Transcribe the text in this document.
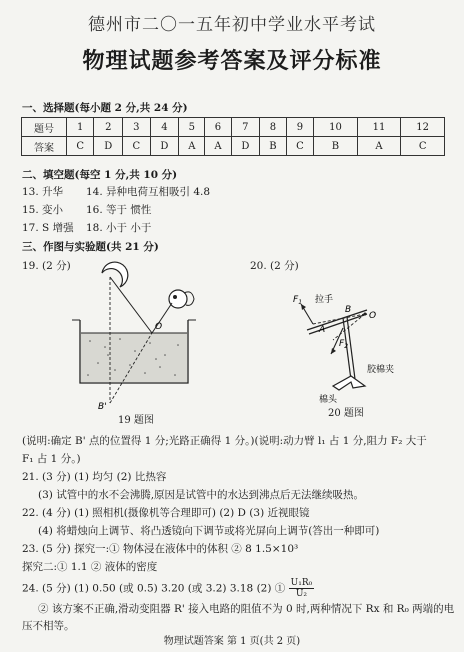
德州市二〇一五年初中学业水平考试
物理试题参考答案及评分标准
一、选择题(每小题 2 分,共 24 分)
题号	1	2	3	4	5	6	7	8	9	10	11	12
答案	C	D	C	D	A	A	D	B	C	B	A	C
二、填空题(每空 1 分,共 10 分)
13. 升华 14. 异种电荷互相吸引 4.8
15. 变小 16. 等于 惯性
17. S 增强 18. 小于 小于
三、作图与实验题(共 21 分)
19. (2 分)	20. (2 分)
O
B'
19 题图
$F_1$ 拉手
A
B
O
$F_2$
胶棉夹
棉头
20 题图
(说明:确定 B' 点的位置得 1 分;光路正确得 1 分。)(说明:动力臂 l₁ 占 1 分,阻力 F₂ 大于
F₁ 占 1 分。)
21. (3 分) (1) 均匀 (2) 比热容
(3) 试管中的水不会沸腾,原因是试管中的水达到沸点后无法继续吸热。
22. (4 分) (1) 照相机(摄像机等合理即可) (2) D (3) 近视眼镜
(4) 将蜡烛向上调节、将凸透镜向下调节或将光屏向上调节(答出一种即可)
23. (5 分) 探究一:① 物体浸在液体中的体积 ② 8 1.5×10³
探究二:① 1.1 ② 液体的密度
24. (5 分) (1) 0.50 (或 0.5) 3.20 (或 3.2) 3.18 (2) ① $\frac{\text{U₁R₀}}{\text{U₂}}$
② 该方案不正确,滑动变阻器 R' 接入电路的阻值不为 0 时,两种情况下 Rx 和 R₀ 两端的电
压不相等。
物理试题答案 第 1 页(共 2 页)
